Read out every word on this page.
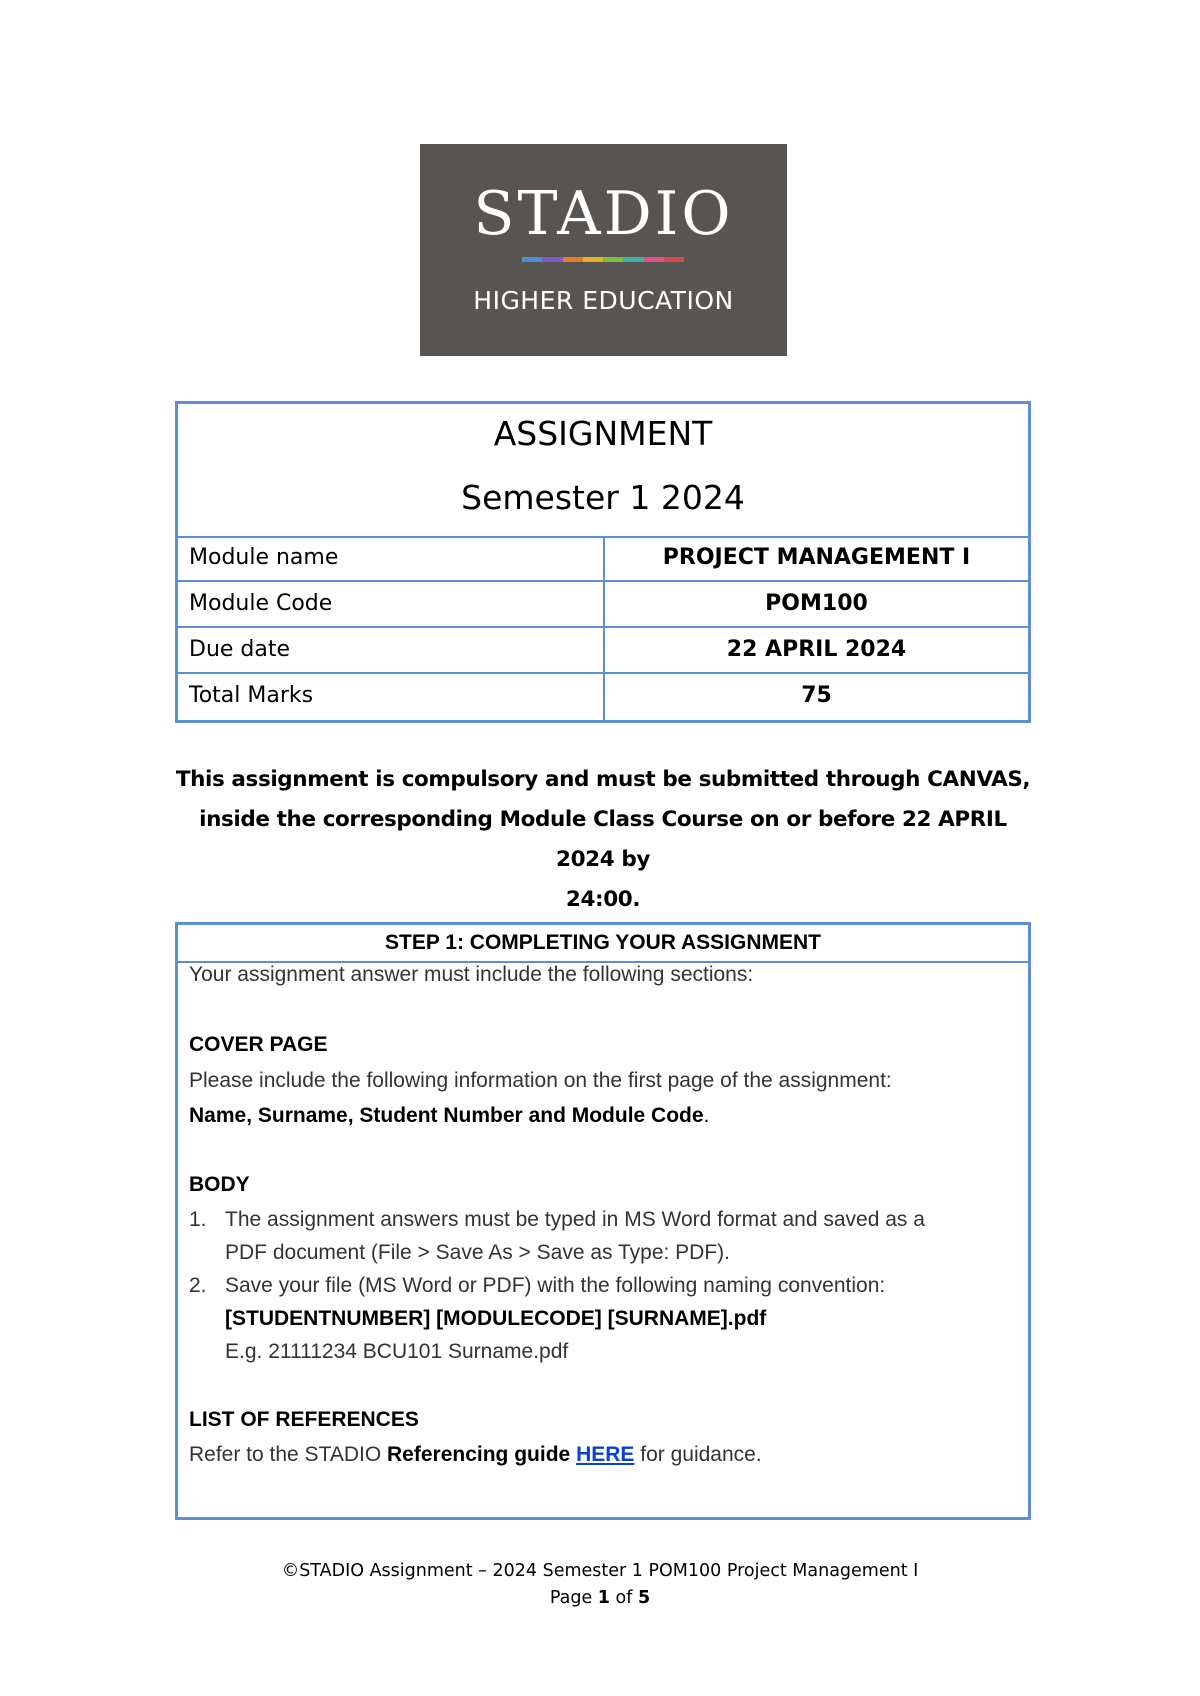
STADIO
HIGHER EDUCATION
ASSIGNMENT
Semester 1 2024
Module name	PROJECT MANAGEMENT I
Module Code	POM100
Due date	22 APRIL 2024
Total Marks	75
This assignment is compulsory and must be submitted through CANVAS,
inside the corresponding Module Class Course on or before 22 APRIL 2024 by
24:00.
STEP 1: COMPLETING YOUR ASSIGNMENT
Your assignment answer must include the following sections:
COVER PAGE
Please include the following information on the first page of the assignment:
Name, Surname, Student Number and Module Code.
BODY
1. The assignment answers must be typed in MS Word format and saved as a
PDF document (File > Save As > Save as Type: PDF).
2. Save your file (MS Word or PDF) with the following naming convention:
[STUDENTNUMBER] [MODULECODE] [SURNAME].pdf
E.g. 21111234 BCU101 Surname.pdf
LIST OF REFERENCES
Refer to the STADIO Referencing guide HERE for guidance.
©STADIO Assignment – 2024 Semester 1 POM100 Project Management I
Page 1 of 5
